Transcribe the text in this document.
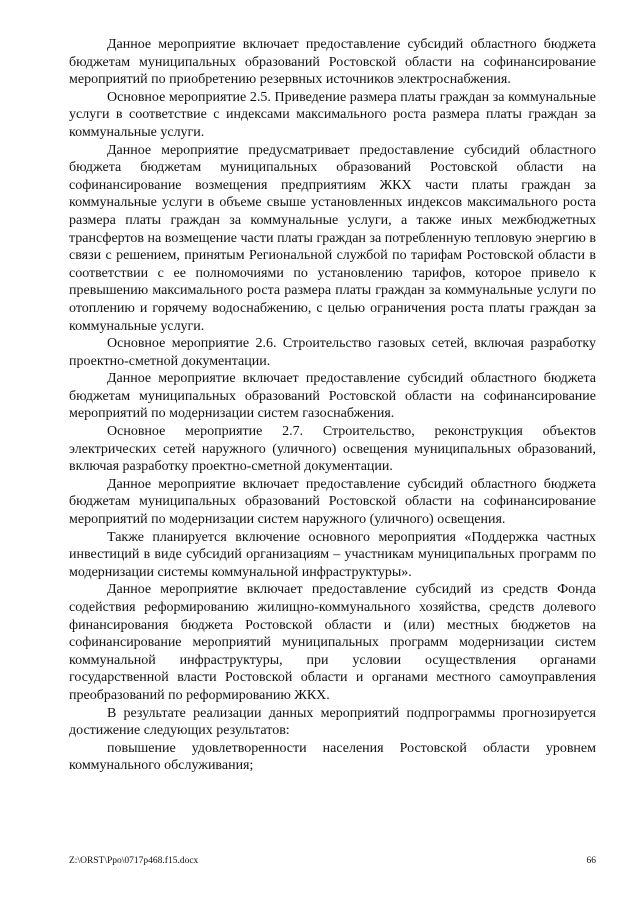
Данное мероприятие включает предоставление субсидий областного бюджета бюджетам муниципальных образований Ростовской области на софинансирование мероприятий по приобретению резервных источников электроснабжения.

Основное мероприятие 2.5. Приведение размера платы граждан за коммунальные услуги в соответствие с индексами максимального роста размера платы граждан за коммунальные услуги.

Данное мероприятие предусматривает предоставление субсидий областного бюджета бюджетам муниципальных образований Ростовской области на софинансирование возмещения предприятиям ЖКХ части платы граждан за коммунальные услуги в объеме свыше установленных индексов максимального роста размера платы граждан за коммунальные услуги, а также иных межбюджетных трансфертов на возмещение части платы граждан за потребленную тепловую энергию в связи с решением, принятым Региональной службой по тарифам Ростовской области в соответствии с ее полномочиями по установлению тарифов, которое привело к превышению максимального роста размера платы граждан за коммунальные услуги по отоплению и горячему водоснабжению, с целью ограничения роста платы граждан за коммунальные услуги.

Основное мероприятие 2.6. Строительство газовых сетей, включая разработку проектно-сметной документации.

Данное мероприятие включает предоставление субсидий областного бюджета бюджетам муниципальных образований Ростовской области на софинансирование мероприятий по модернизации систем газоснабжения.

Основное мероприятие 2.7. Строительство, реконструкция объектов электрических сетей наружного (уличного) освещения муниципальных образований, включая разработку проектно-сметной документации.

Данное мероприятие включает предоставление субсидий областного бюджета бюджетам муниципальных образований Ростовской области на софинансирование мероприятий по модернизации систем наружного (уличного) освещения.

Также планируется включение основного мероприятия «Поддержка частных инвестиций в виде субсидий организациям – участникам муниципальных программ по модернизации системы коммунальной инфраструктуры».

Данное мероприятие включает предоставление субсидий из средств Фонда содействия реформированию жилищно-коммунального хозяйства, средств долевого финансирования бюджета Ростовской области и (или) местных бюджетов на софинансирование мероприятий муниципальных программ модернизации систем коммунальной инфраструктуры, при условии осуществления органами государственной власти Ростовской области и органами местного самоуправления преобразований по реформированию ЖКХ.

В результате реализации данных мероприятий подпрограммы прогнозируется достижение следующих результатов:

повышение удовлетворенности населения Ростовской области уровнем коммунального обслуживания;

Z:\ORST\Ppo\0717p468.f15.docx	66
